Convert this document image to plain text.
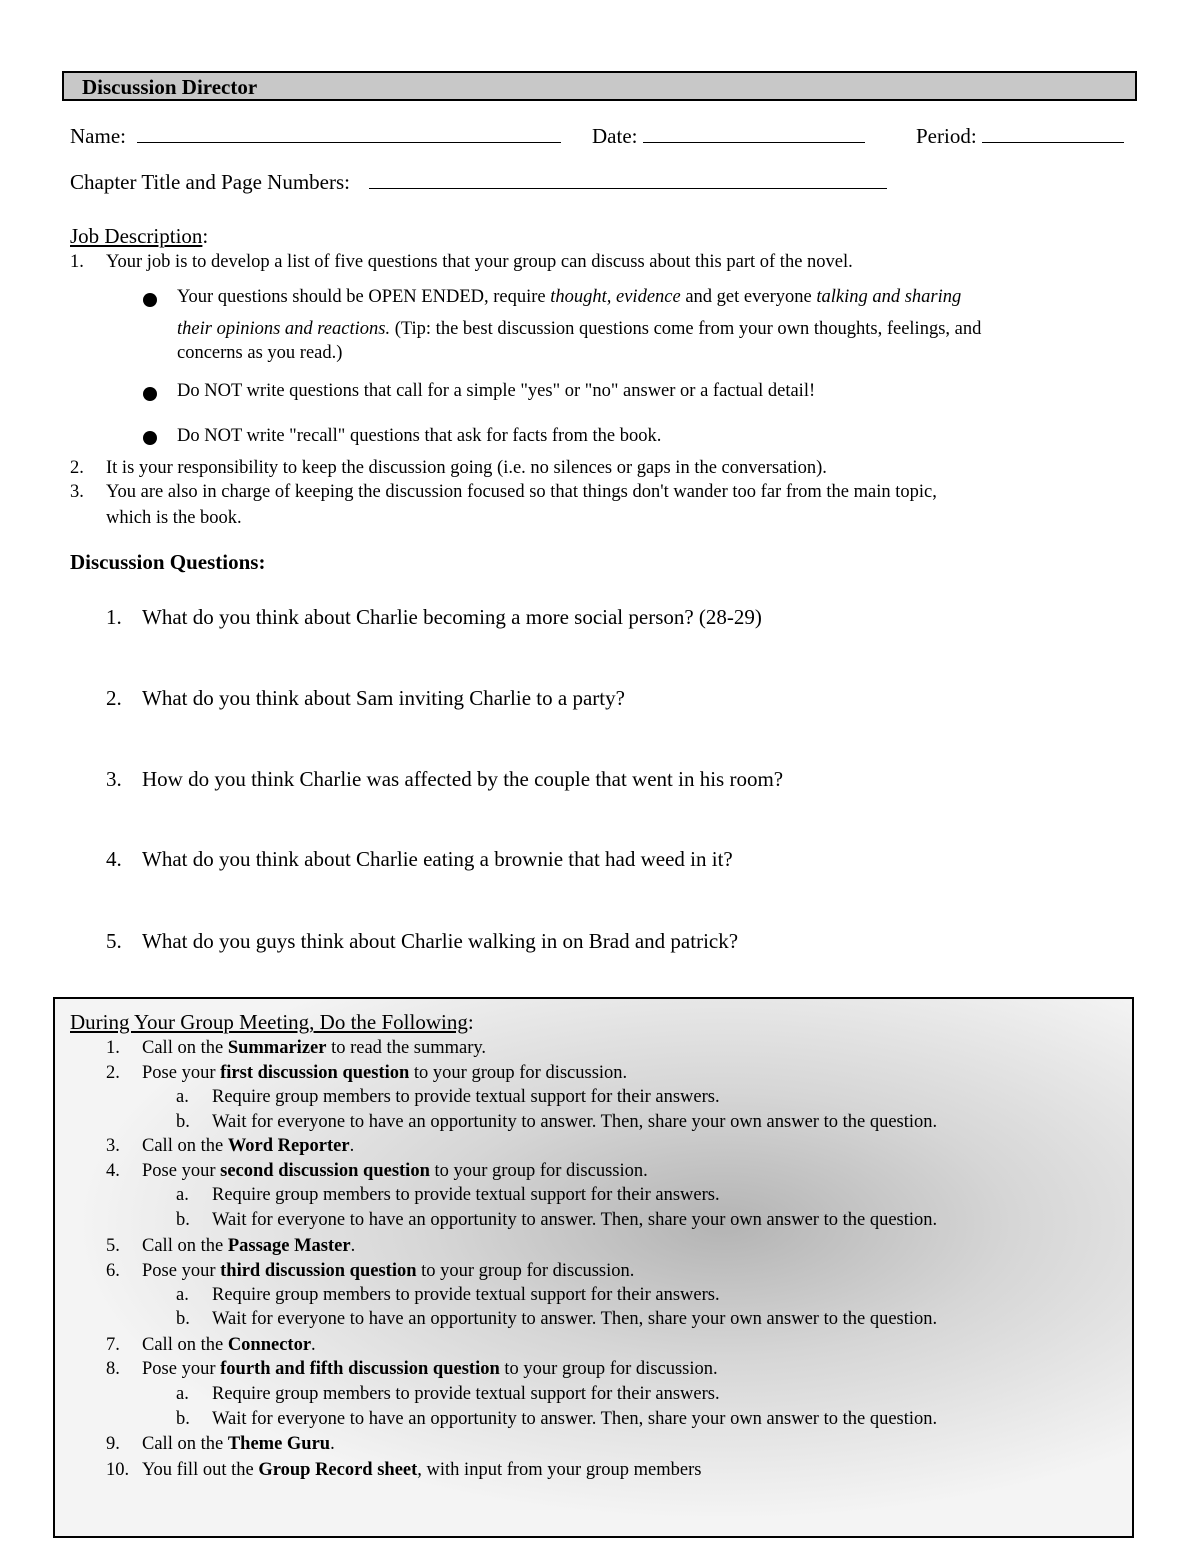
Discussion Director
Name:	Date:	Period:
Chapter Title and Page Numbers:
Job Description:
1. Your job is to develop a list of five questions that your group can discuss about this part of the novel.
Your questions should be OPEN ENDED, require thought, evidence and get everyone talking and sharing
their opinions and reactions. (Tip: the best discussion questions come from your own thoughts, feelings, and
concerns as you read.)
Do NOT write questions that call for a simple "yes" or "no" answer or a factual detail!
Do NOT write "recall" questions that ask for facts from the book.
2. It is your responsibility to keep the discussion going (i.e. no silences or gaps in the conversation).
3. You are also in charge of keeping the discussion focused so that things don't wander too far from the main topic,
which is the book.
Discussion Questions:
1. What do you think about Charlie becoming a more social person? (28-29)
2. What do you think about Sam inviting Charlie to a party?
3. How do you think Charlie was affected by the couple that went in his room?
4. What do you think about Charlie eating a brownie that had weed in it?
5. What do you guys think about Charlie walking in on Brad and patrick?
During Your Group Meeting, Do the Following:
1. Call on the Summarizer to read the summary.
2. Pose your first discussion question to your group for discussion.
a. Require group members to provide textual support for their answers.
b. Wait for everyone to have an opportunity to answer. Then, share your own answer to the question.
3. Call on the Word Reporter.
4. Pose your second discussion question to your group for discussion.
a. Require group members to provide textual support for their answers.
b. Wait for everyone to have an opportunity to answer. Then, share your own answer to the question.
5. Call on the Passage Master.
6. Pose your third discussion question to your group for discussion.
a. Require group members to provide textual support for their answers.
b. Wait for everyone to have an opportunity to answer. Then, share your own answer to the question.
7. Call on the Connector.
8. Pose your fourth and fifth discussion question to your group for discussion.
a. Require group members to provide textual support for their answers.
b. Wait for everyone to have an opportunity to answer. Then, share your own answer to the question.
9. Call on the Theme Guru.
10. You fill out the Group Record sheet, with input from your group members
